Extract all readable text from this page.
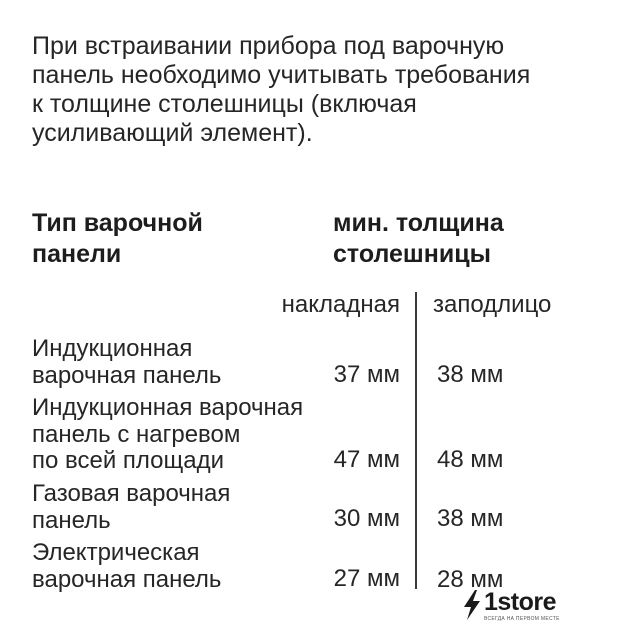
При встраивании прибора под варочную
панель необходимо учитывать требования
к толщине столешницы (включая
усиливающий элемент).
Тип варочной
панели
мин. толщина
столешницы
накладная заподлицо
Индукционная
варочная панель	37 мм 38 мм
Индукционная варочная
панель с нагревом
по всей площади	47 мм 48 мм
Газовая варочная
панель	30 мм 38 мм
Электрическая
варочная панель	27 мм 28 мм
1store
ВСЕГДА НА ПЕРВОМ МЕСТЕ
